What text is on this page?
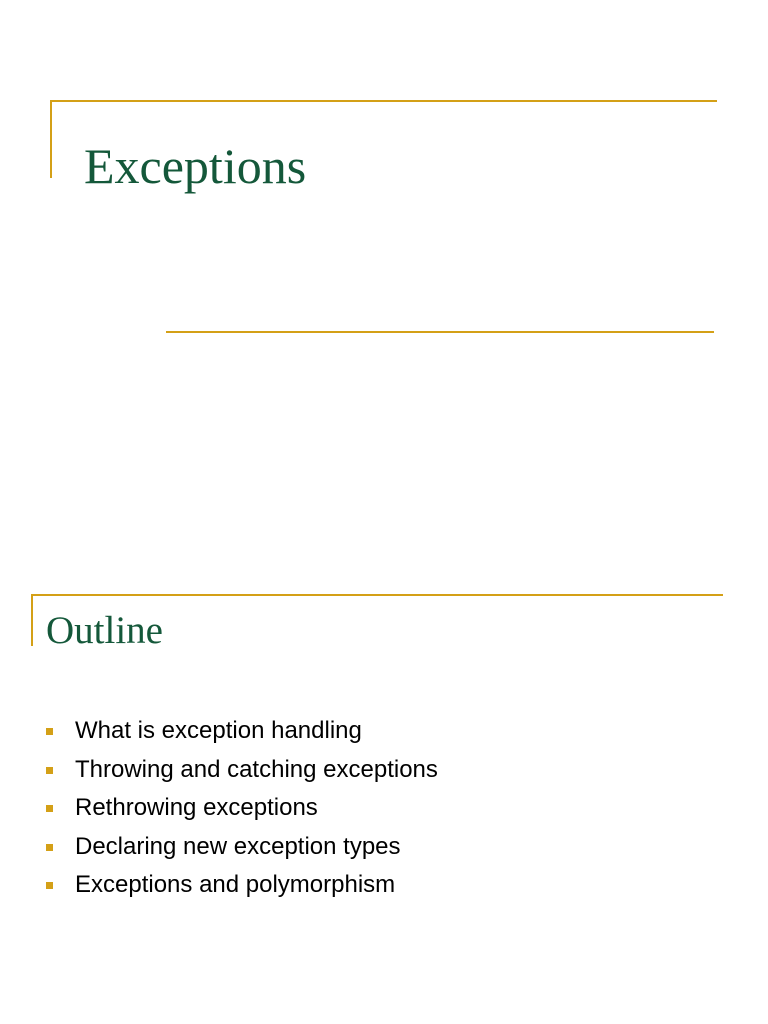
Exceptions
Outline
What is exception handling
Throwing and catching exceptions
Rethrowing exceptions
Declaring new exception types
Exceptions and polymorphism
